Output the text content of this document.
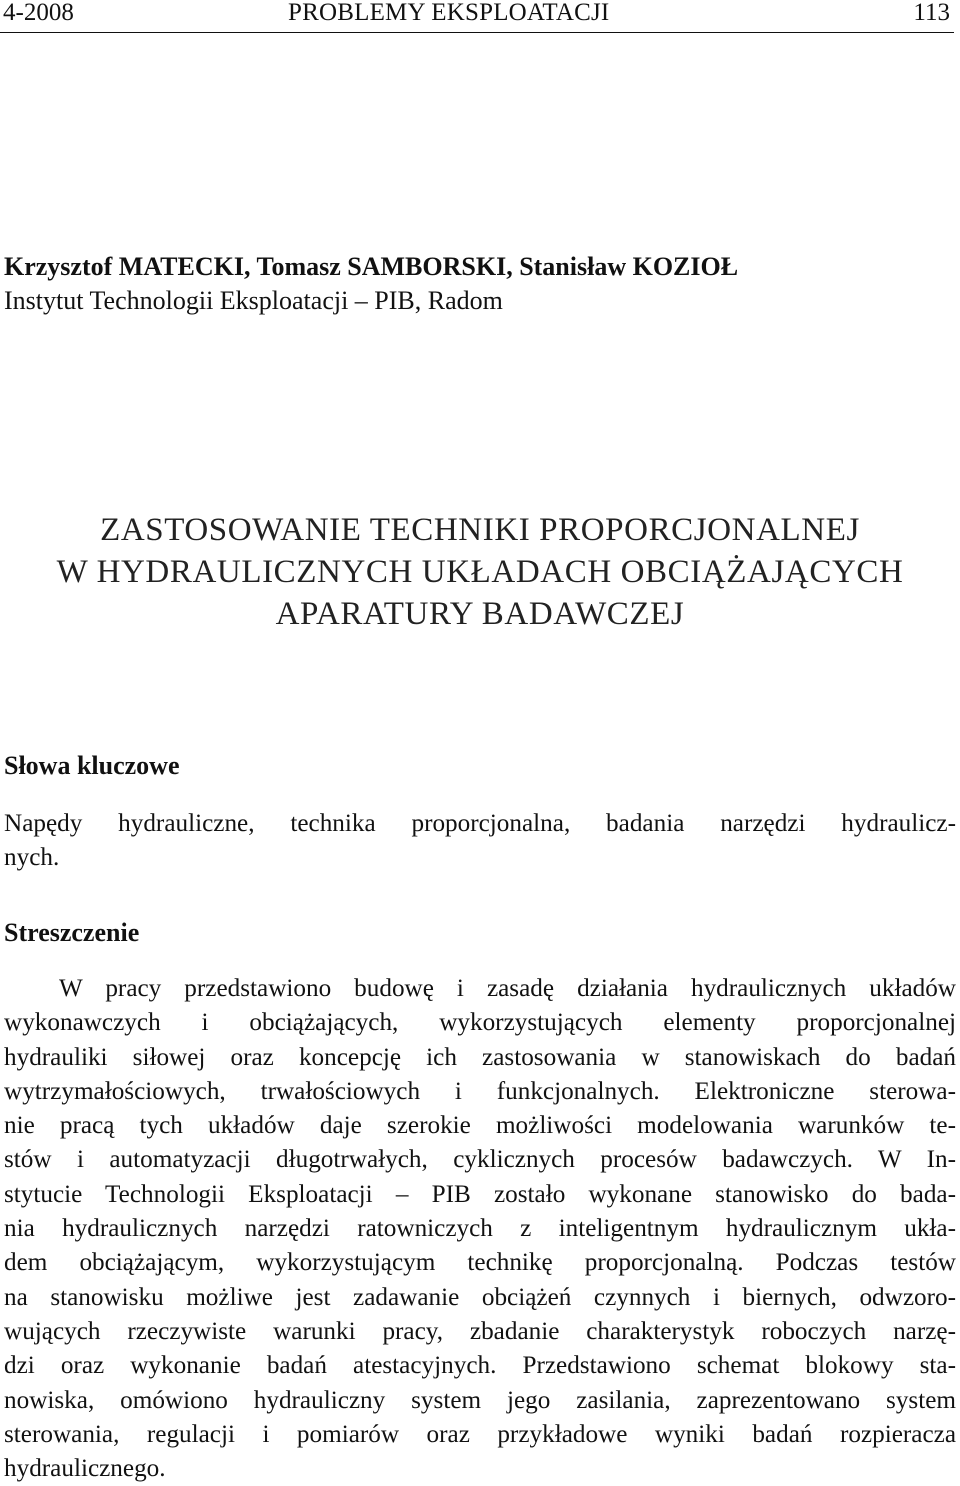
4-2008	PROBLEMY EKSPLOATACJI	113
Krzysztof MATECKI, Tomasz SAMBORSKI, Stanisław KOZIOŁ
Instytut Technologii Eksploatacji – PIB, Radom
ZASTOSOWANIE TECHNIKI PROPORCJONALNEJ
W HYDRAULICZNYCH UKŁADACH OBCIĄŻAJĄCYCH
APARATURY BADAWCZEJ
Słowa kluczowe
Napędy hydrauliczne, technika proporcjonalna, badania narzędzi hydraulicz-
nych.
Streszczenie
W pracy przedstawiono budowę i zasadę działania hydraulicznych układów
wykonawczych i obciążających, wykorzystujących elementy proporcjonalnej
hydrauliki siłowej oraz koncepcję ich zastosowania w stanowiskach do badań
wytrzymałościowych, trwałościowych i funkcjonalnych. Elektroniczne sterowa-
nie pracą tych układów daje szerokie możliwości modelowania warunków te-
stów i automatyzacji długotrwałych, cyklicznych procesów badawczych. W In-
stytucie Technologii Eksploatacji – PIB zostało wykonane stanowisko do bada-
nia hydraulicznych narzędzi ratowniczych z inteligentnym hydraulicznym ukła-
dem obciążającym, wykorzystującym technikę proporcjonalną. Podczas testów
na stanowisku możliwe jest zadawanie obciążeń czynnych i biernych, odwzoro-
wujących rzeczywiste warunki pracy, zbadanie charakterystyk roboczych narzę-
dzi oraz wykonanie badań atestacyjnych. Przedstawiono schemat blokowy sta-
nowiska, omówiono hydrauliczny system jego zasilania, zaprezentowano system
sterowania, regulacji i pomiarów oraz przykładowe wyniki badań rozpieracza
hydraulicznego.
